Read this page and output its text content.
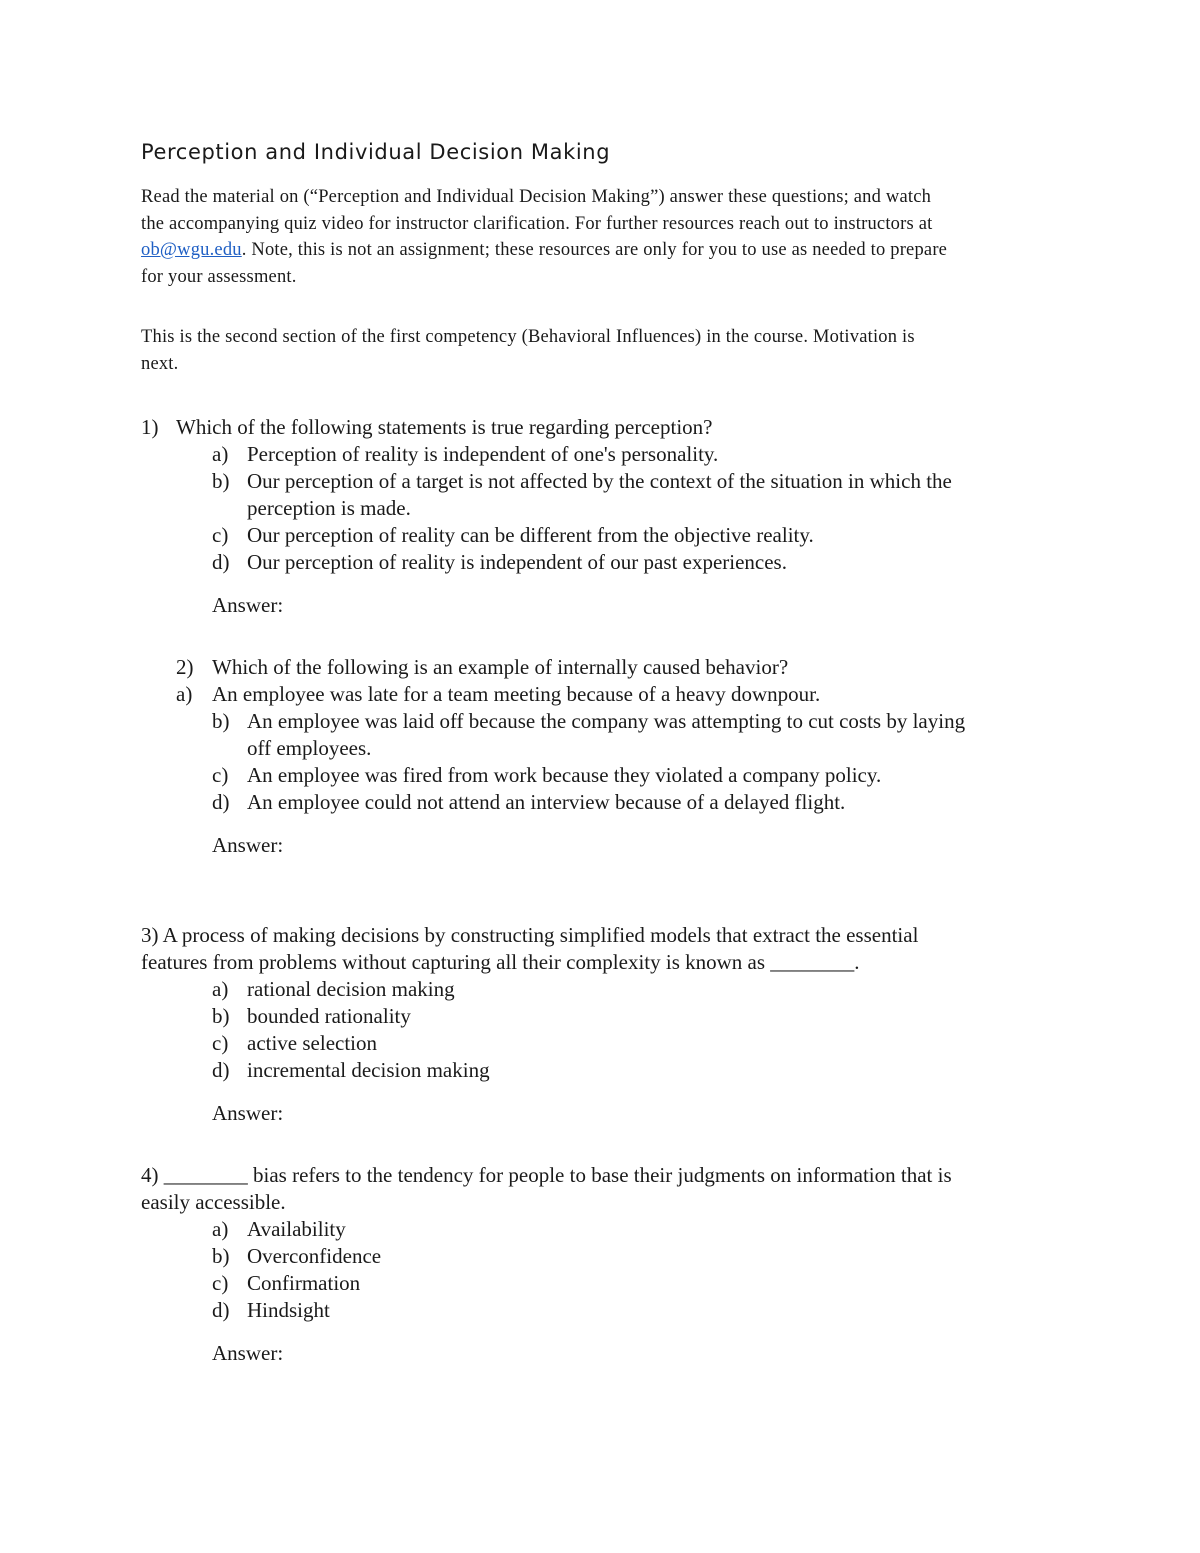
Perception and Individual Decision Making
Read the material on (“Perception and Individual Decision Making”) answer these questions; and watch
the accompanying quiz video for instructor clarification. For further resources reach out to instructors at
ob@wgu.edu. Note, this is not an assignment; these resources are only for you to use as needed to prepare
for your assessment.
This is the second section of the first competency (Behavioral Influences) in the course. Motivation is
next.
1) Which of the following statements is true regarding perception?
a) Perception of reality is independent of one's personality.
b) Our perception of a target is not affected by the context of the situation in which the
perception is made.
c) Our perception of reality can be different from the objective reality.
d) Our perception of reality is independent of our past experiences.
Answer:
2) Which of the following is an example of internally caused behavior?
a) An employee was late for a team meeting because of a heavy downpour.
b) An employee was laid off because the company was attempting to cut costs by laying
off employees.
c) An employee was fired from work because they violated a company policy.
d) An employee could not attend an interview because of a delayed flight.
Answer:
3) A process of making decisions by constructing simplified models that extract the essential
features from problems without capturing all their complexity is known as ________.
a) rational decision making
b) bounded rationality
c) active selection
d) incremental decision making
Answer:
4) ________ bias refers to the tendency for people to base their judgments on information that is
easily accessible.
a) Availability
b) Overconfidence
c) Confirmation
d) Hindsight
Answer:
